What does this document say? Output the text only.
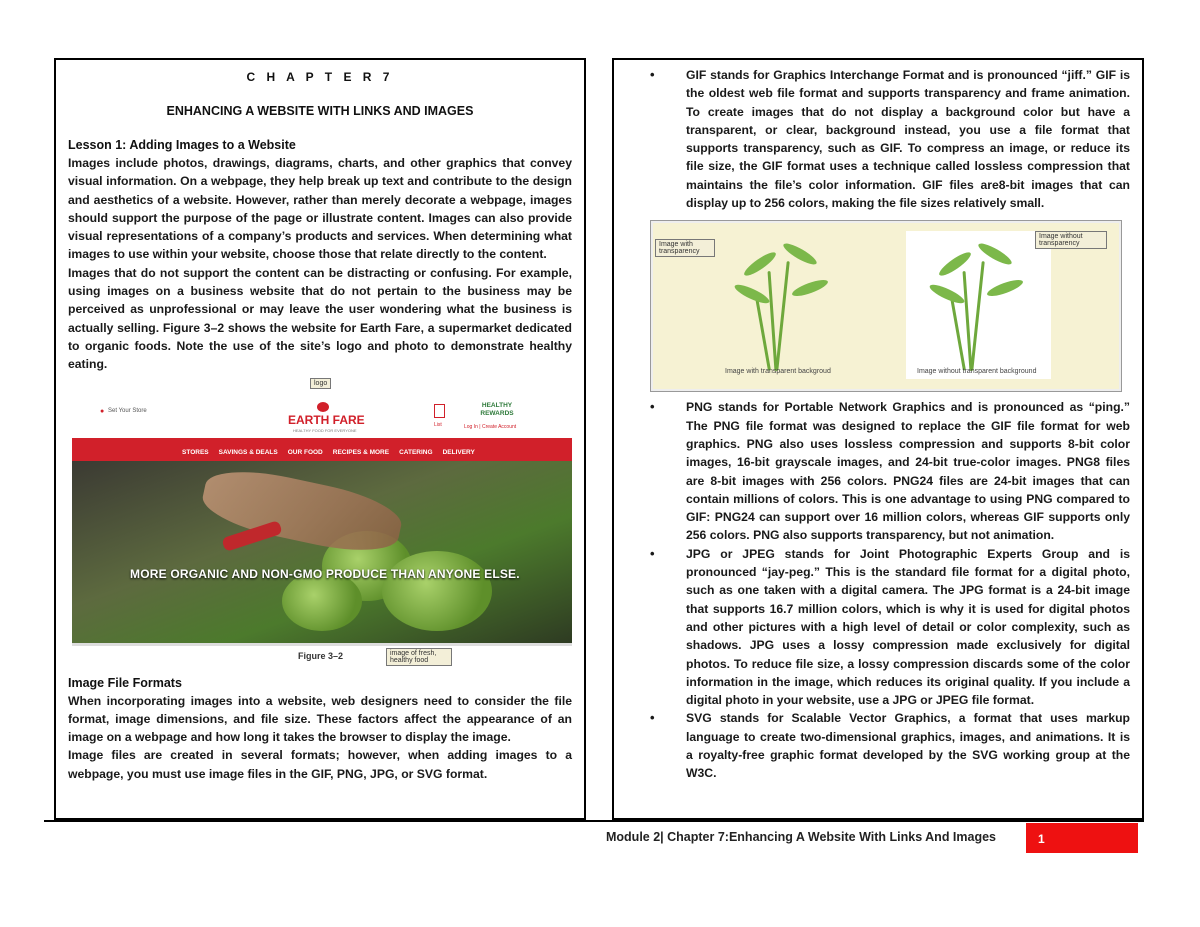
C H A P T E R 7
ENHANCING A WEBSITE WITH LINKS AND IMAGES
Lesson 1: Adding Images to a Website

Images include photos, drawings, diagrams, charts, and other graphics that convey visual information. On a webpage, they help break up text and contribute to the design and aesthetics of a website. However, rather than merely decorate a webpage, images should support the purpose of the page or illustrate content. Images can also provide visual representations of a company’s products and services. When determining what images to use within your website, choose those that relate directly to the content.

Images that do not support the content can be distracting or confusing. For example, using images on a business website that do not pertain to the business may be perceived as unprofessional or may leave the user wondering what the business is actually selling. Figure 3–2 shows the website for Earth Fare, a supermarket dedicated to organic foods. Note the use of the site’s logo and photo to demonstrate healthy eating.

logo
● Set Your Store
EARTH FARE
HEALTHY FOOD FOR EVERYONE
List
HEALTHY REWARDS
Log In | Create Account
STORES SAVINGS & DEALS OUR FOOD RECIPES & MORE CATERING DELIVERY
MORE ORGANIC AND NON-GMO PRODUCE THAN ANYONE ELSE.
Figure 3–2	image of fresh, healthy food
Image File Formats

When incorporating images into a website, web designers need to consider the file format, image dimensions, and file size. These factors affect the appearance of an image on a webpage and how long it takes the browser to display the image.

Image files are created in several formats; however, when adding images to a webpage, you must use image files in the GIF, PNG, JPG, or SVG format.

• GIF stands for Graphics Interchange Format and is pronounced “jiff.” GIF is the oldest web file format and supports transparency and frame animation. To create images that do not display a background color but have a transparent, or clear, background instead, you use a file format that supports transparency, such as GIF. To compress an image, or reduce its file size, the GIF format uses a technique called lossless compression that maintains the file’s color information. GIF files are8-bit images that can display up to 256 colors, making the file sizes relatively small.
Image with transparency
Image without transparency
Image with transparent backgroud	Image without transparent background
• PNG stands for Portable Network Graphics and is pronounced as “ping.” The PNG file format was designed to replace the GIF file format for web graphics. PNG also uses lossless compression and supports 8-bit color images, 16-bit grayscale images, and 24-bit true-color images. PNG8 files are 8-bit images with 256 colors. PNG24 files are 24-bit images that can contain millions of colors. This is one advantage to using PNG compared to GIF: PNG24 can support over 16 million colors, whereas GIF supports only 256 colors. PNG also supports transparency, but not animation.
• JPG or JPEG stands for Joint Photographic Experts Group and is pronounced “jay-peg.” This is the standard file format for a digital photo, such as one taken with a digital camera. The JPG format is a 24-bit image that supports 16.7 million colors, which is why it is used for digital photos and other pictures with a high level of detail or color complexity, such as shadows. JPG uses a lossy compression made exclusively for digital photos. To reduce file size, a lossy compression discards some of the color information in the image, which reduces its original quality. If you include a digital photo in your website, use a JPG or JPEG file format.
• SVG stands for Scalable Vector Graphics, a format that uses markup language to create two-dimensional graphics, images, and animations. It is a royalty-free graphic format developed by the SVG working group at the W3C.
Module 2| Chapter 7:Enhancing A Website With Links And Images	1
